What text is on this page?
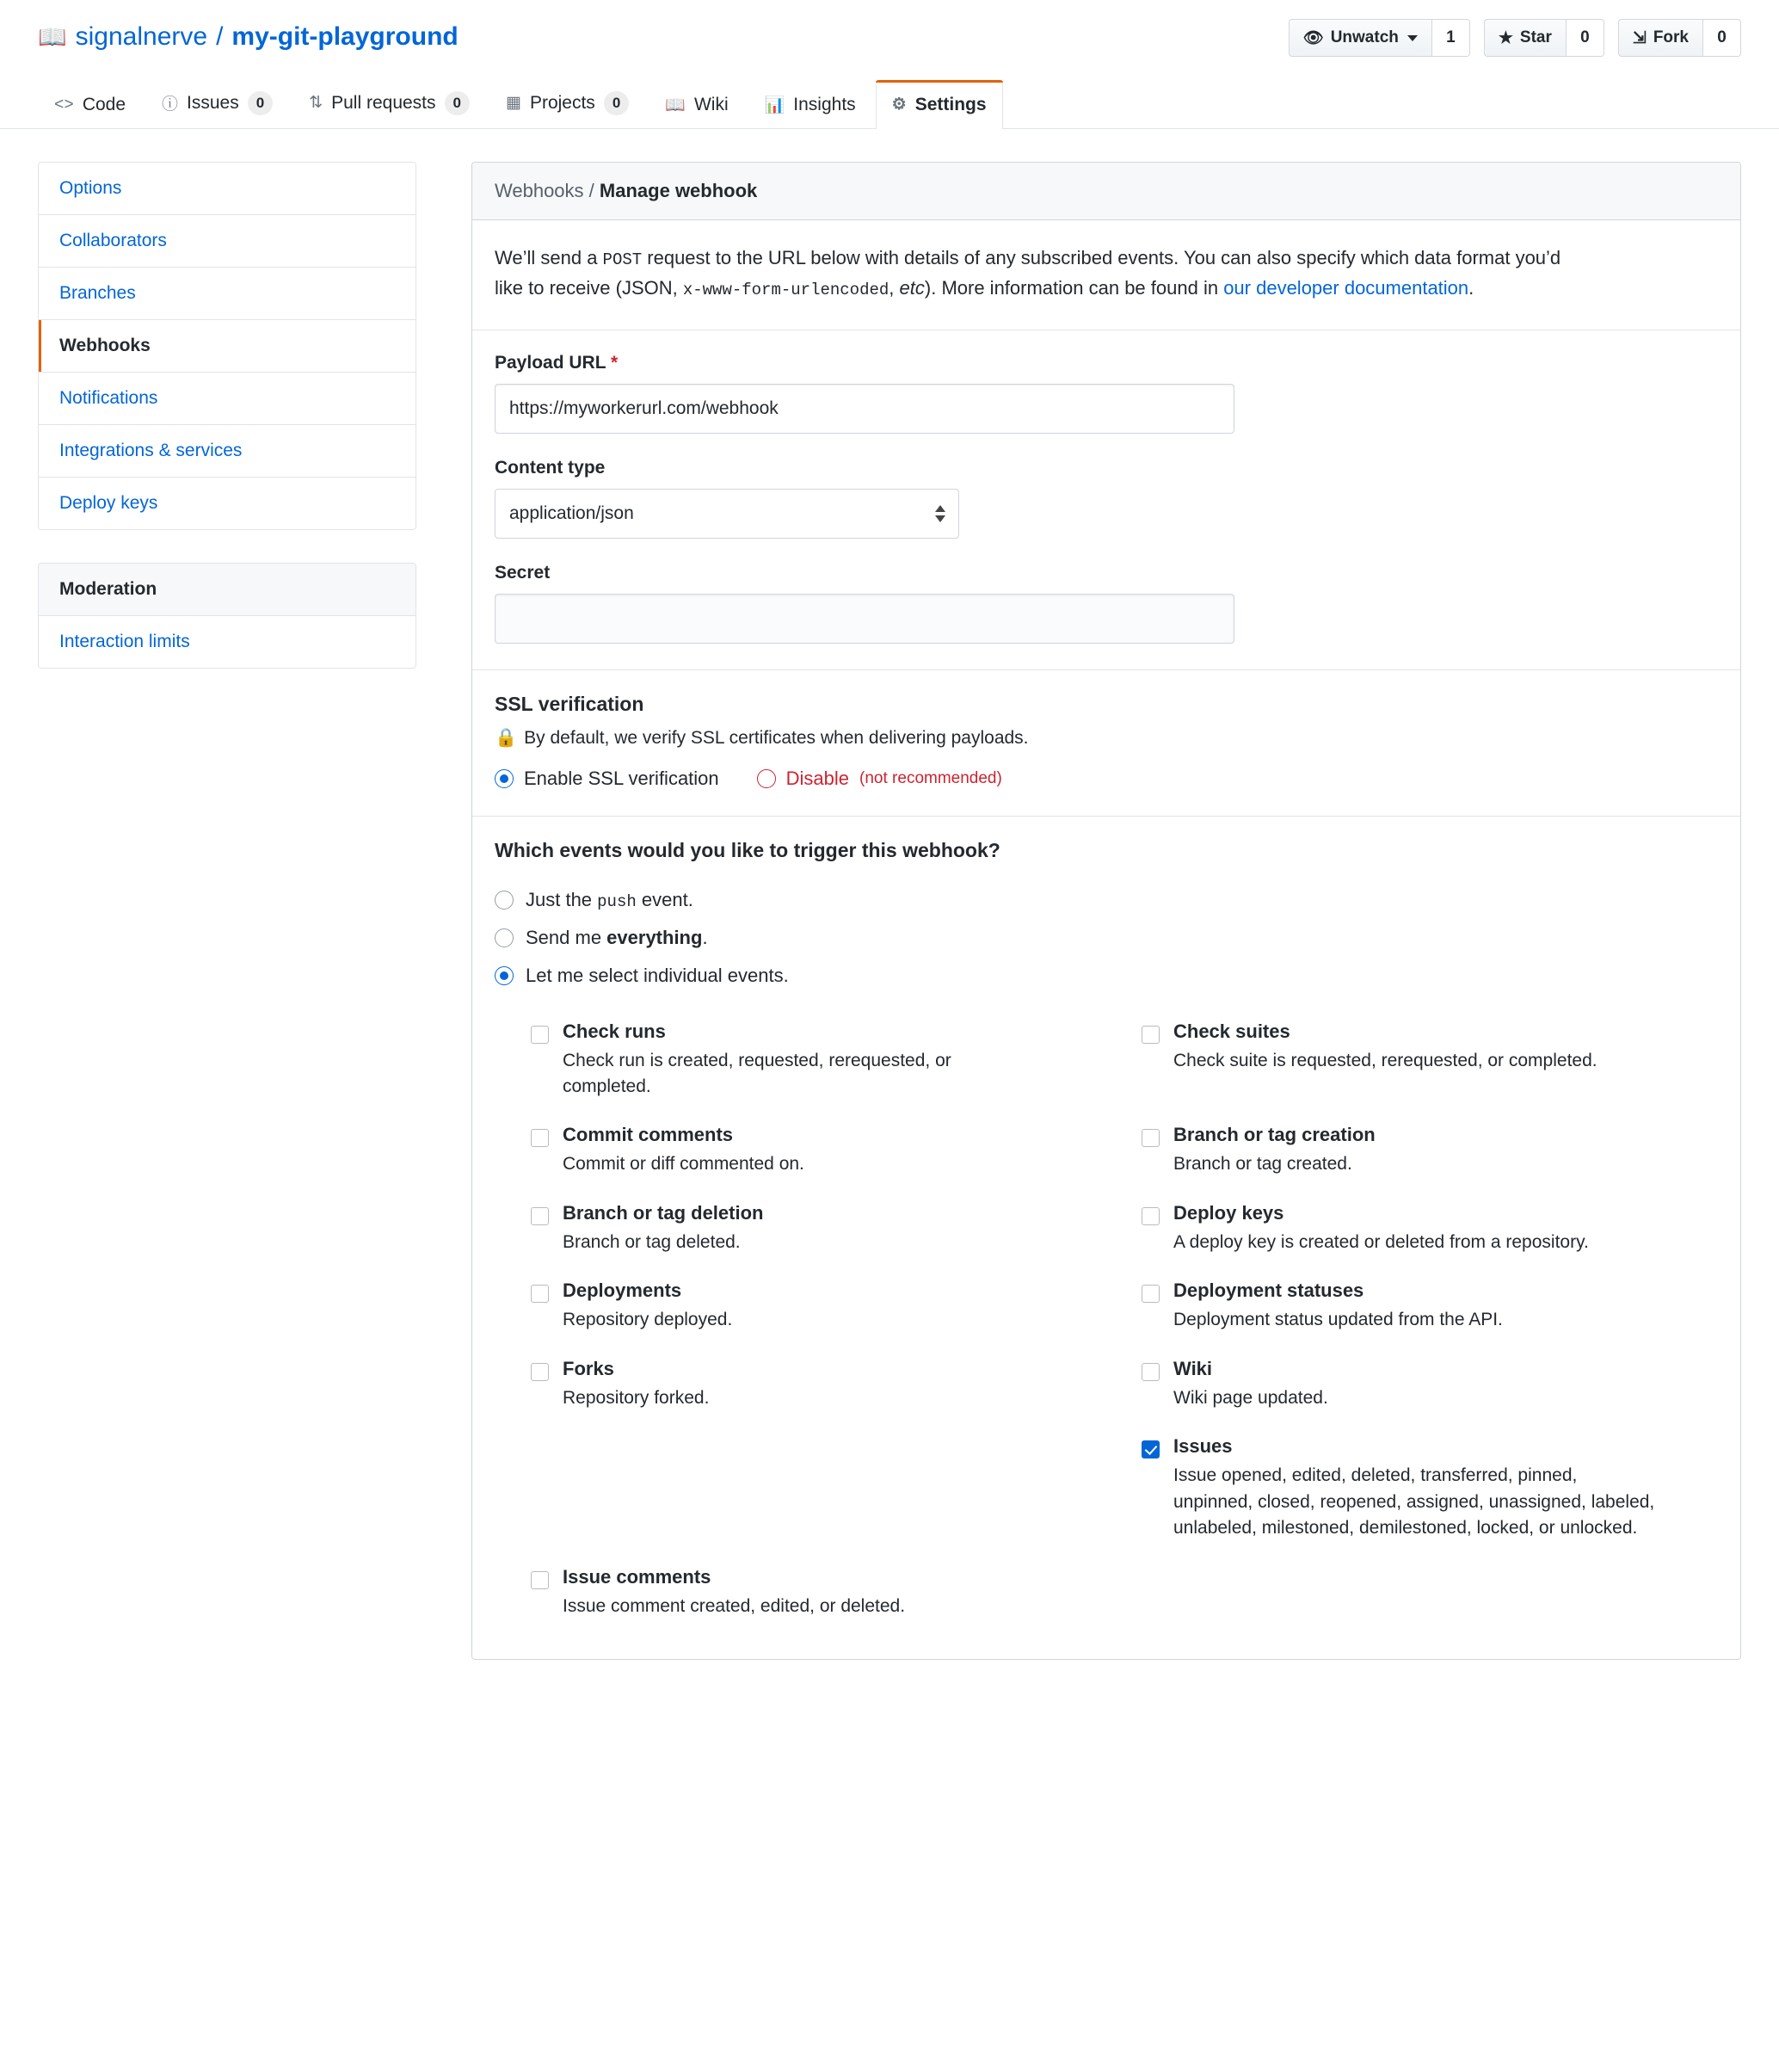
📖 signalnerve / my-git-playground	👁 Unwatch	1	★ Star	0	⇲ Fork	0
<> Code ⓘ Issues	0	⇅ Pull requests	0	▦ Projects	0	📖 Wiki 📊 Insights ⚙ Settings
Options
Collaborators
Branches
Webhooks
Notifications
Integrations & services
Deploy keys
Moderation
Interaction limits
Webhooks / Manage webhook
We’ll send a POST request to the URL below with details of any subscribed events. You can also specify which data format you’d like to receive (JSON, x-www-form-urlencoded, etc). More information can be found in our developer documentation.
Payload URL *
https://myworkerurl.com/webhook
Content type
application/json
Secret
SSL verification
🔒 By default, we verify SSL certificates when delivering payloads.
Enable SSL verification	Disable (not recommended)
Which events would you like to trigger this webhook?
Just the push event.
Send me everything.
Let me select individual events.
Check runs
Check run is created, requested, rerequested, or completed.
Check suites
Check suite is requested, rerequested, or completed.
Commit comments
Commit or diff commented on.
Branch or tag creation
Branch or tag created.
Branch or tag deletion
Branch or tag deleted.
Deploy keys
A deploy key is created or deleted from a repository.
Deployments
Repository deployed.
Deployment statuses
Deployment status updated from the API.
Forks
Repository forked.
Wiki
Wiki page updated.
Issues
Issue opened, edited, deleted, transferred, pinned, unpinned, closed, reopened, assigned, unassigned, labeled, unlabeled, milestoned, demilestoned, locked, or unlocked.
Issue comments
Issue comment created, edited, or deleted.
